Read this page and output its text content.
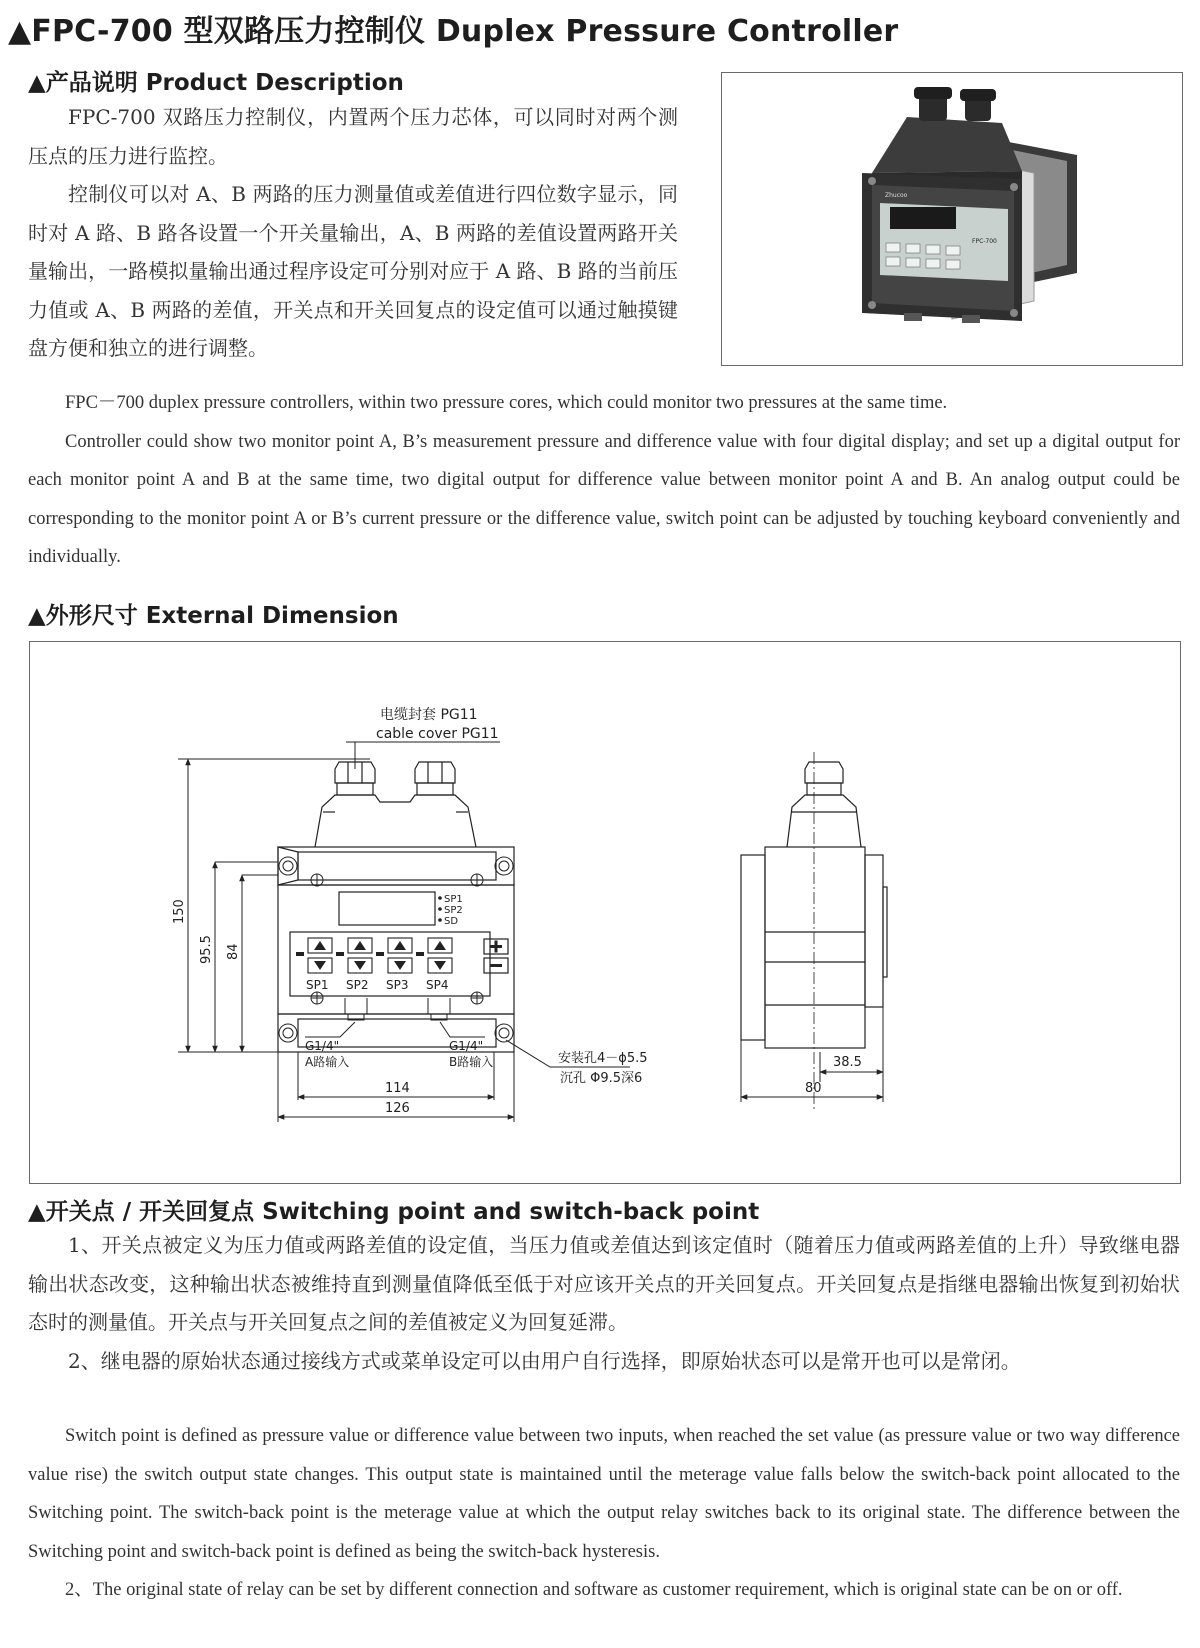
▲FPC-700 型双路压力控制仪 Duplex Pressure Controller
▲产品说明 Product Description

FPC-700 双路压力控制仪，内置两个压力芯体，可以同时对两个测压点的压力进行监控。

控制仪可以对 A、B 两路的压力测量值或差值进行四位数字显示，同时对 A 路、B 路各设置一个开关量输出，A、B 两路的差值设置两路开关量输出，一路模拟量输出通过程序设定可分别对应于 A 路、B 路的当前压力值或 A、B 两路的差值，开关点和开关回复点的设定值可以通过触摸键盘方便和独立的进行调整。

Zhucoo
FPC-700

FPC－700 duplex pressure controllers, within two pressure cores, which could monitor two pressures at the same time.

Controller could show two monitor point A, B’s measurement pressure and difference value with four digital display; and set up a digital output for each monitor point A and B at the same time, two digital output for difference value between monitor point A and B. An analog output could be corresponding to the monitor point A or B’s current pressure or the difference value, switch point can be adjusted by touching keyboard conveniently and individually.

▲外形尺寸 External Dimension
电缆封套 PG11
cable cover PG11
150
95.5 84
SP1
SP2
SD
SP1 SP2 SP3 SP4
G1/4"
A路输入
G1/4"
B路输入	安装孔4－ϕ5.5
沉孔 Φ9.5深6
114
126
38.5
80
▲开关点 / 开关回复点 Switching point and switch-back point

1、开关点被定义为压力值或两路差值的设定值，当压力值或差值达到该定值时（随着压力值或两路差值的上升）导致继电器输出状态改变，这种输出状态被维持直到测量值降低至低于对应该开关点的开关回复点。开关回复点是指继电器输出恢复到初始状态时的测量值。开关点与开关回复点之间的差值被定义为回复延滞。

2、继电器的原始状态通过接线方式或菜单设定可以由用户自行选择，即原始状态可以是常开也可以是常闭。

Switch point is defined as pressure value or difference value between two inputs, when reached the set value (as pressure value or two way difference value rise) the switch output state changes. This output state is maintained until the meterage value falls below the switch-back point allocated to the Switching point. The switch-back point is the meterage value at which the output relay switches back to its original state. The difference between the Switching point and switch-back point is defined as being the switch-back hysteresis.

2、The original state of relay can be set by different connection and software as customer requirement, which is original state can be on or off.
